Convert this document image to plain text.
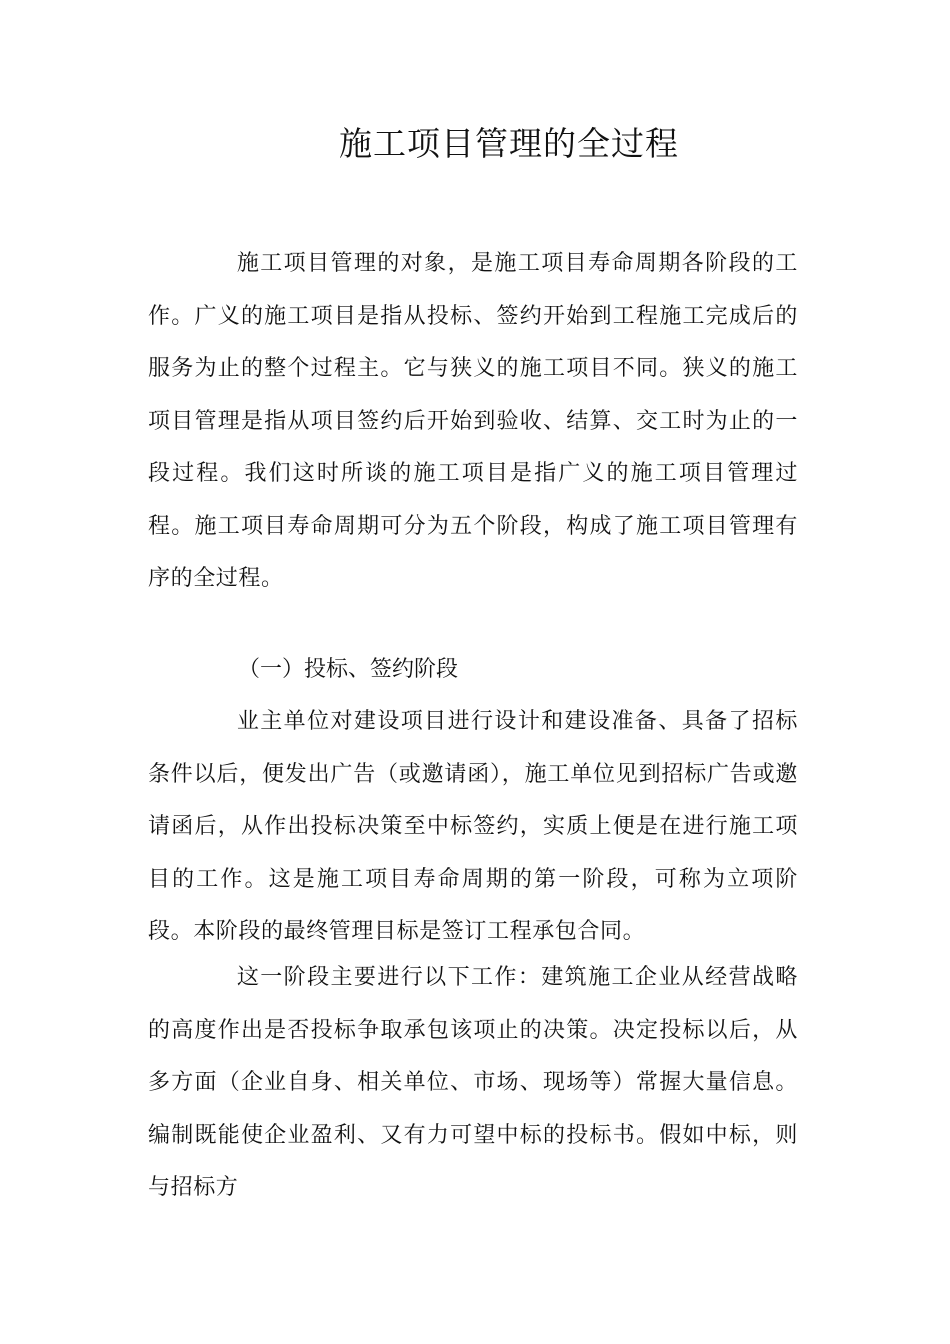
施工项目管理的全过程

施工项目管理的对象，是施工项目寿命周期各阶段的工作。广义的施工项目是指从投标、签约开始到工程施工完成后的服务为止的整个过程主。它与狭义的施工项目不同。狭义的施工项目管理是指从项目签约后开始到验收、结算、交工时为止的一段过程。我们这时所谈的施工项目是指广义的施工项目管理过程。施工项目寿命周期可分为五个阶段，构成了施工项目管理有序的全过程。

（一）投标、签约阶段

业主单位对建设项目进行设计和建设准备、具备了招标条件以后，便发出广告（或邀请函），施工单位见到招标广告或邀请函后，从作出投标决策至中标签约，实质上便是在进行施工项目的工作。这是施工项目寿命周期的第一阶段，可称为立项阶段。本阶段的最终管理目标是签订工程承包合同。

这一阶段主要进行以下工作：建筑施工企业从经营战略的高度作出是否投标争取承包该项止的决策。决定投标以后，从多方面（企业自身、相关单位、市场、现场等）常握大量信息。编制既能使企业盈利、又有力可望中标的投标书。假如中标，则与招标方
